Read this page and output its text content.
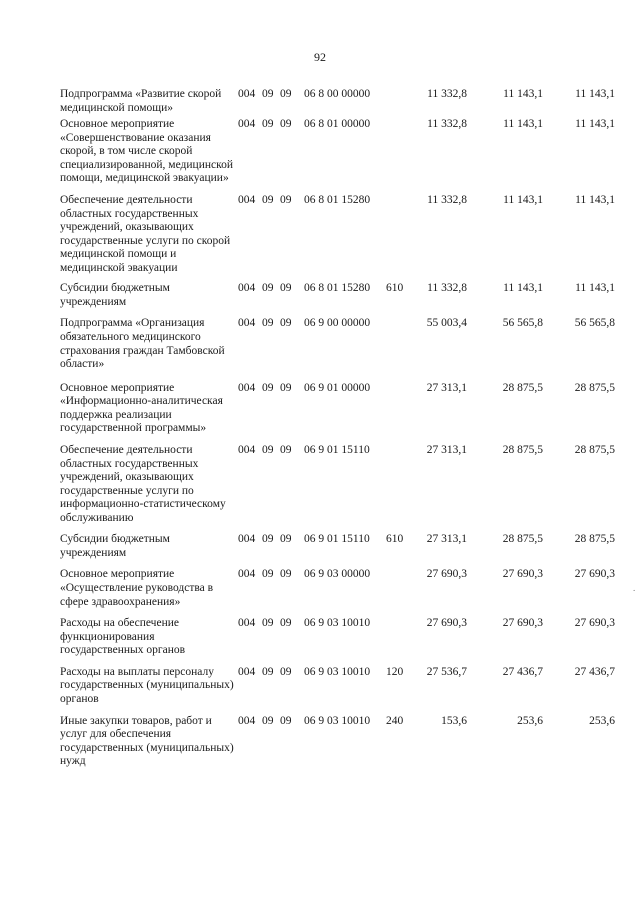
92
Подпрограмма «Развитие скорой медицинской помощи»
004 09 09 06 8 00 00000	11 332,8	11 143,1	11 143,1
Основное мероприятие «Совершенствование оказания скорой, в том числе скорой специализированной, медицинской помощи, медицинской эвакуации»
004 09 09 06 8 01 00000	11 332,8	11 143,1	11 143,1
Обеспечение деятельности областных государственных учреждений, оказывающих государственные услуги по скорой медицинской помощи и медицинской эвакуации
004 09 09 06 8 01 15280	11 332,8	11 143,1	11 143,1
Субсидии бюджетным учреждениям
004 09 09 06 8 01 15280 610 11 332,8	11 143,1	11 143,1
Подпрограмма «Организация обязательного медицинского страхования граждан Тамбовской области»
004 09 09 06 9 00 00000	55 003,4	56 565,8	56 565,8
Основное мероприятие «Информационно-аналитическая поддержка реализации государственной программы»
004 09 09 06 9 01 00000	27 313,1	28 875,5	28 875,5
Обеспечение деятельности областных государственных учреждений, оказывающих государственные услуги по информационно-статистическому обслуживанию
004 09 09 06 9 01 15110	27 313,1	28 875,5	28 875,5
Субсидии бюджетным учреждениям
004 09 09 06 9 01 15110 610 27 313,1	28 875,5	28 875,5
Основное мероприятие «Осуществление руководства в сфере здравоохранения»
004 09 09 06 9 03 00000	27 690,3	27 690,3	27 690,3
Расходы на обеспечение функционирования государственных органов
004 09 09 06 9 03 10010	27 690,3	27 690,3	27 690,3
Расходы на выплаты персоналу государственных (муниципальных) органов
004 09 09 06 9 03 10010 120 27 536,7	27 436,7	27 436,7
Иные закупки товаров, работ и услуг для обеспечения государственных (муниципальных) нужд
004 09 09 06 9 03 10010 240	153,6	253,6	253,6
.
